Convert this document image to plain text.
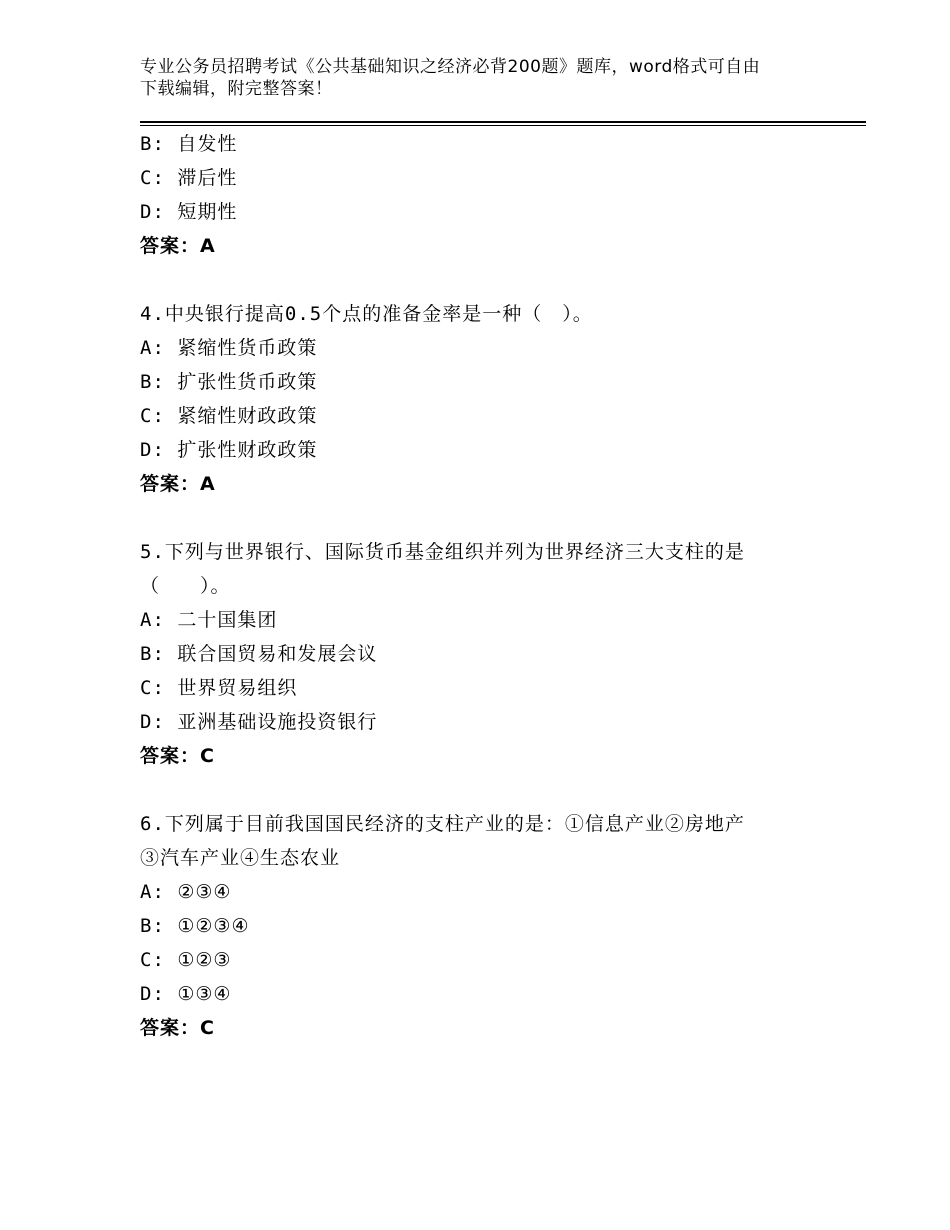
专业公务员招聘考试《公共基础知识之经济必背200题》题库，word格式可自由
下载编辑，附完整答案！
B: 自发性
C: 滞后性
D: 短期性
答案：A
4.中央银行提高0.5个点的准备金率是一种（　）。
A: 紧缩性货币政策
B: 扩张性货币政策
C: 紧缩性财政政策
D: 扩张性财政政策
答案：A
5.下列与世界银行、国际货币基金组织并列为世界经济三大支柱的是
（　　）。
A: 二十国集团
B: 联合国贸易和发展会议
C: 世界贸易组织
D: 亚洲基础设施投资银行
答案：C
6.下列属于目前我国国民经济的支柱产业的是：①信息产业②房地产
③汽车产业④生态农业
A: ②③④
B: ①②③④
C: ①②③
D: ①③④
答案：C
